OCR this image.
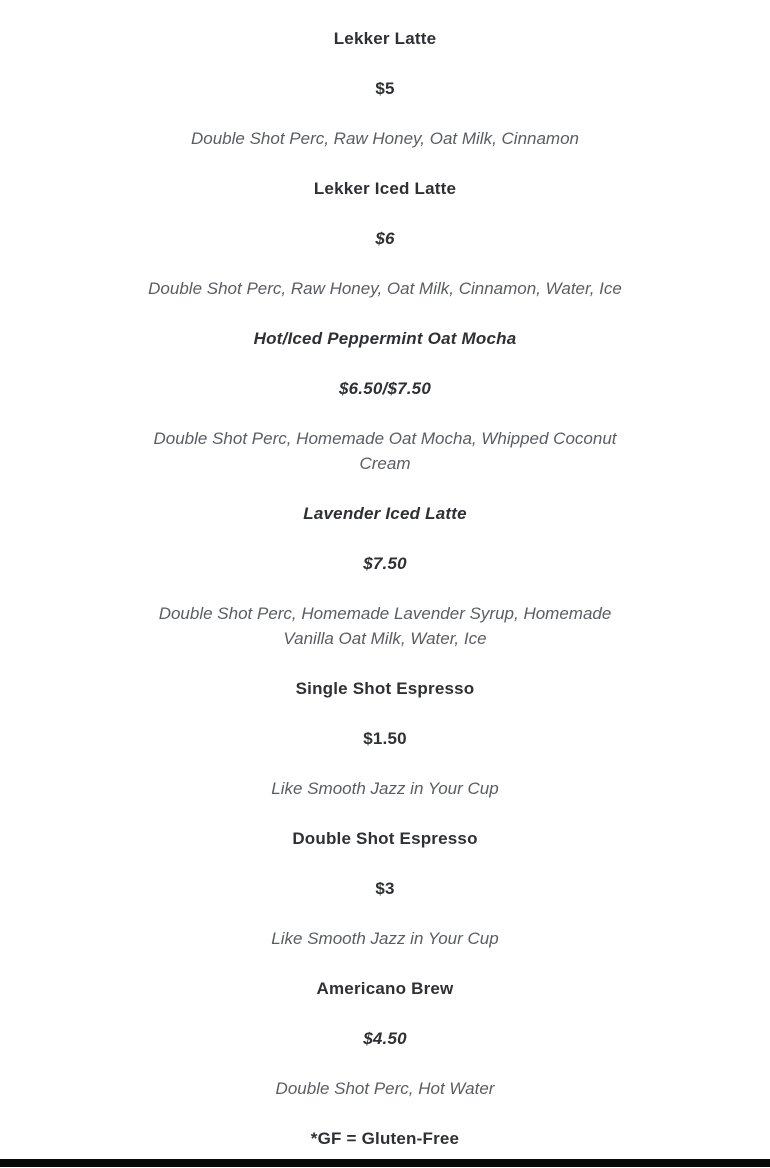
Lekker Latte

$5

Double Shot Perc, Raw Honey, Oat Milk, Cinnamon

Lekker Iced Latte

$6

Double Shot Perc, Raw Honey, Oat Milk, Cinnamon, Water, Ice

Hot/Iced Peppermint Oat Mocha

$6.50/$7.50

Double Shot Perc, Homemade Oat Mocha, Whipped Coconut
Cream

Lavender Iced Latte

$7.50

Double Shot Perc, Homemade Lavender Syrup, Homemade
Vanilla Oat Milk, Water, Ice

Single Shot Espresso

$1.50

Like Smooth Jazz in Your Cup

Double Shot Espresso

$3

Like Smooth Jazz in Your Cup

Americano Brew

$4.50

Double Shot Perc, Hot Water

*GF = Gluten-Free
